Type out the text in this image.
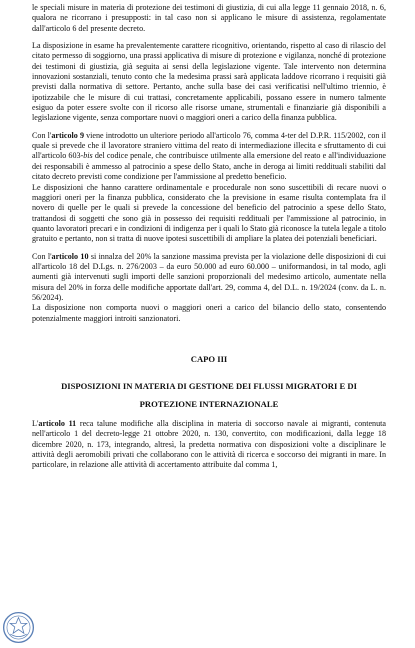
le speciali misure in materia di protezione dei testimoni di giustizia, di cui alla legge 11 gennaio 2018, n. 6, qualora ne ricorrano i presupposti: in tal caso non si applicano le misure di assistenza, regolamentate dall'articolo 6 del presente decreto.

La disposizione in esame ha prevalentemente carattere ricognitivo, orientando, rispetto al caso di rilascio del citato permesso di soggiorno, una prassi applicativa di misure di protezione e vigilanza, nonché di protezione dei testimoni di giustizia, già seguita ai sensi della legislazione vigente. Tale intervento non determina innovazioni sostanziali, tenuto conto che la medesima prassi sarà applicata laddove ricorrano i requisiti già previsti dalla normativa di settore. Pertanto, anche sulla base dei casi verificatisi nell'ultimo triennio, è ipotizzabile che le misure di cui trattasi, concretamente applicabili, possano essere in numero talmente esiguo da poter essere svolte con il ricorso alle risorse umane, strumentali e finanziarie già disponibili a legislazione vigente, senza comportare nuovi o maggiori oneri a carico della finanza pubblica.

Con l'articolo 9 viene introdotto un ulteriore periodo all'articolo 76, comma 4-ter del D.P.R. 115/2002, con il quale si prevede che il lavoratore straniero vittima del reato di intermediazione illecita e sfruttamento di cui all'articolo 603-bis del codice penale, che contribuisce utilmente alla emersione del reato e all'individuazione dei responsabili è ammesso al patrocinio a spese dello Stato, anche in deroga ai limiti reddituali stabiliti dal citato decreto previsti come condizione per l'ammissione al predetto beneficio.

Le disposizioni che hanno carattere ordinamentale e procedurale non sono suscettibili di recare nuovi o maggiori oneri per la finanza pubblica, considerato che la previsione in esame risulta contemplata fra il novero di quelle per le quali si prevede la concessione del beneficio del patrocinio a spese dello Stato, trattandosi di soggetti che sono già in possesso dei requisiti reddituali per l'ammissione al patrocinio, in quanto lavoratori precari e in condizioni di indigenza per i quali lo Stato già riconosce la tutela legale a titolo gratuito e pertanto, non si tratta di nuove ipotesi suscettibili di ampliare la platea dei potenziali beneficiari.

Con l'articolo 10 si innalza del 20% la sanzione massima prevista per la violazione delle disposizioni di cui all'articolo 18 del D.Lgs. n. 276/2003 – da euro 50.000 ad euro 60.000 – uniformandosi, in tal modo, agli aumenti già intervenuti sugli importi delle sanzioni proporzionali del medesimo articolo, aumentate nella misura del 20% in forza delle modifiche apportate dall'art. 29, comma 4, del D.L. n. 19/2024 (conv. da L. n. 56/2024).

La disposizione non comporta nuovi o maggiori oneri a carico del bilancio dello stato, consentendo potenzialmente maggiori introiti sanzionatori.

CAPO III

DISPOSIZIONI IN MATERIA DI GESTIONE DEI FLUSSI MIGRATORI E DI

PROTEZIONE INTERNAZIONALE

L'articolo 11 reca talune modifiche alla disciplina in materia di soccorso navale ai migranti, contenuta nell'articolo 1 del decreto-legge 21 ottobre 2020, n. 130, convertito, con modificazioni, dalla legge 18 dicembre 2020, n. 173, integrando, altresì, la predetta normativa con disposizioni volte a disciplinare le attività degli aeromobili privati che collaborano con le attività di ricerca e soccorso dei migranti in mare. In particolare, in relazione alle attività di accertamento attribuite dal comma 1,
